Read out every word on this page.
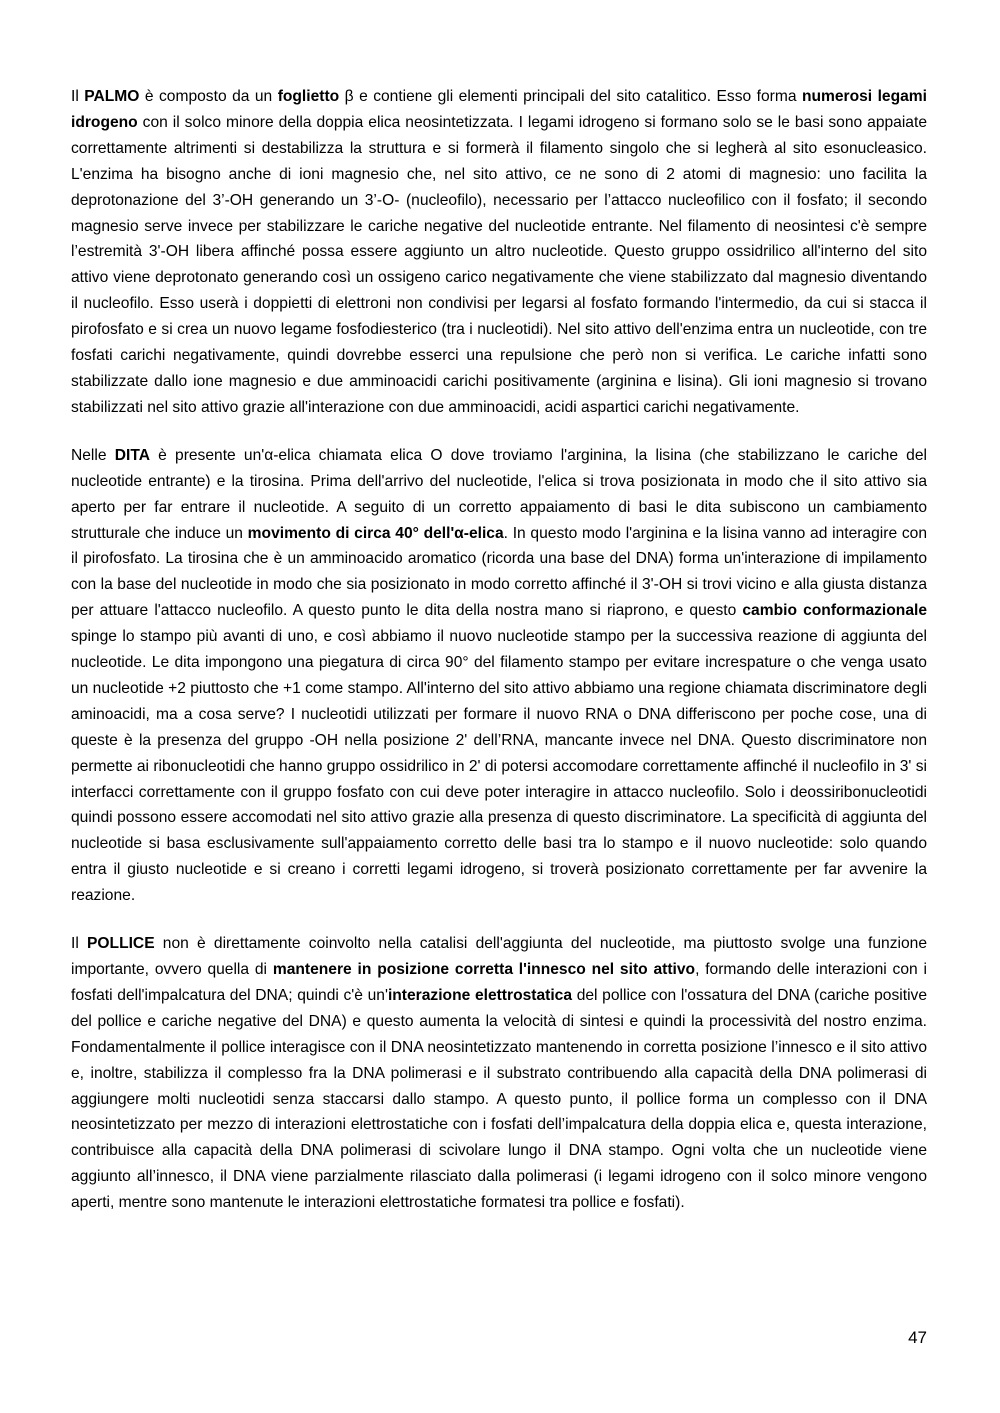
Il PALMO è composto da un foglietto β e contiene gli elementi principali del sito catalitico. Esso forma numerosi legami idrogeno con il solco minore della doppia elica neosintetizzata. I legami idrogeno si formano solo se le basi sono appaiate correttamente altrimenti si destabilizza la struttura e si formerà il filamento singolo che si legherà al sito esonucleasico. L'enzima ha bisogno anche di ioni magnesio che, nel sito attivo, ce ne sono di 2 atomi di magnesio: uno facilita la deprotonazione del 3’-OH generando un 3’-O- (nucleofilo), necessario per l’attacco nucleofilico con il fosfato; il secondo magnesio serve invece per stabilizzare le cariche negative del nucleotide entrante. Nel filamento di neosintesi c'è sempre l’estremità 3'-OH libera affinché possa essere aggiunto un altro nucleotide. Questo gruppo ossidrilico all'interno del sito attivo viene deprotonato generando così un ossigeno carico negativamente che viene stabilizzato dal magnesio diventando il nucleofilo. Esso userà i doppietti di elettroni non condivisi per legarsi al fosfato formando l'intermedio, da cui si stacca il pirofosfato e si crea un nuovo legame fosfodiesterico (tra i nucleotidi). Nel sito attivo dell'enzima entra un nucleotide, con tre fosfati carichi negativamente, quindi dovrebbe esserci una repulsione che però non si verifica. Le cariche infatti sono stabilizzate dallo ione magnesio e due amminoacidi carichi positivamente (arginina e lisina). Gli ioni magnesio si trovano stabilizzati nel sito attivo grazie all'interazione con due amminoacidi, acidi aspartici carichi negativamente.

Nelle DITA è presente un'α-elica chiamata elica O dove troviamo l'arginina, la lisina (che stabilizzano le cariche del nucleotide entrante) e la tirosina. Prima dell'arrivo del nucleotide, l'elica si trova posizionata in modo che il sito attivo sia aperto per far entrare il nucleotide. A seguito di un corretto appaiamento di basi le dita subiscono un cambiamento strutturale che induce un movimento di circa 40° dell'α-elica. In questo modo l'arginina e la lisina vanno ad interagire con il pirofosfato. La tirosina che è un amminoacido aromatico (ricorda una base del DNA) forma un'interazione di impilamento con la base del nucleotide in modo che sia posizionato in modo corretto affinché il 3'-OH si trovi vicino e alla giusta distanza per attuare l'attacco nucleofilo. A questo punto le dita della nostra mano si riaprono, e questo cambio conformazionale spinge lo stampo più avanti di uno, e così abbiamo il nuovo nucleotide stampo per la successiva reazione di aggiunta del nucleotide. Le dita impongono una piegatura di circa 90° del filamento stampo per evitare increspature o che venga usato un nucleotide +2 piuttosto che +1 come stampo. All'interno del sito attivo abbiamo una regione chiamata discriminatore degli aminoacidi, ma a cosa serve? I nucleotidi utilizzati per formare il nuovo RNA o DNA differiscono per poche cose, una di queste è la presenza del gruppo -OH nella posizione 2' dell’RNA, mancante invece nel DNA. Questo discriminatore non permette ai ribonucleotidi che hanno gruppo ossidrilico in 2' di potersi accomodare correttamente affinché il nucleofilo in 3' si interfacci correttamente con il gruppo fosfato con cui deve poter interagire in attacco nucleofilo. Solo i deossiribonucleotidi quindi possono essere accomodati nel sito attivo grazie alla presenza di questo discriminatore. La specificità di aggiunta del nucleotide si basa esclusivamente sull'appaiamento corretto delle basi tra lo stampo e il nuovo nucleotide: solo quando entra il giusto nucleotide e si creano i corretti legami idrogeno, si troverà posizionato correttamente per far avvenire la reazione.

Il POLLICE non è direttamente coinvolto nella catalisi dell'aggiunta del nucleotide, ma piuttosto svolge una funzione importante, ovvero quella di mantenere in posizione corretta l'innesco nel sito attivo, formando delle interazioni con i fosfati dell'impalcatura del DNA; quindi c'è un'interazione elettrostatica del pollice con l'ossatura del DNA (cariche positive del pollice e cariche negative del DNA) e questo aumenta la velocità di sintesi e quindi la processività del nostro enzima. Fondamentalmente il pollice interagisce con il DNA neosintetizzato mantenendo in corretta posizione l’innesco e il sito attivo e, inoltre, stabilizza il complesso fra la DNA polimerasi e il substrato contribuendo alla capacità della DNA polimerasi di aggiungere molti nucleotidi senza staccarsi dallo stampo. A questo punto, il pollice forma un complesso con il DNA neosintetizzato per mezzo di interazioni elettrostatiche con i fosfati dell’impalcatura della doppia elica e, questa interazione, contribuisce alla capacità della DNA polimerasi di scivolare lungo il DNA stampo. Ogni volta che un nucleotide viene aggiunto all’innesco, il DNA viene parzialmente rilasciato dalla polimerasi (i legami idrogeno con il solco minore vengono aperti, mentre sono mantenute le interazioni elettrostatiche formatesi tra pollice e fosfati).

47
